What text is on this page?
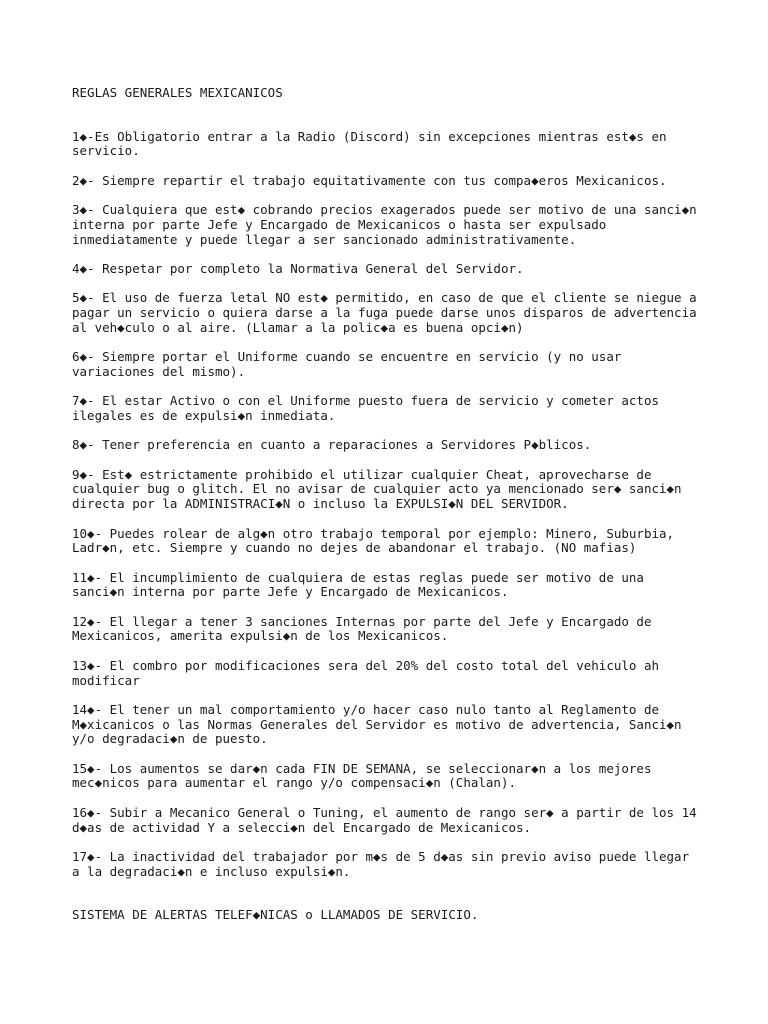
REGLAS GENERALES MEXICANICOS
1◆-Es Obligatorio entrar a la Radio (Discord) sin excepciones mientras est◆s en
servicio.
2◆- Siempre repartir el trabajo equitativamente con tus compa◆eros Mexicanicos.
3◆- Cualquiera que est◆ cobrando precios exagerados puede ser motivo de una sanci◆n
interna por parte Jefe y Encargado de Mexicanicos o hasta ser expulsado
inmediatamente y puede llegar a ser sancionado administrativamente.
4◆- Respetar por completo la Normativa General del Servidor.
5◆- El uso de fuerza letal NO est◆ permitido, en caso de que el cliente se niegue a
pagar un servicio o quiera darse a la fuga puede darse unos disparos de advertencia
al veh◆culo o al aire. (Llamar a la polic◆a es buena opci◆n)
6◆- Siempre portar el Uniforme cuando se encuentre en servicio (y no usar
variaciones del mismo).
7◆- El estar Activo o con el Uniforme puesto fuera de servicio y cometer actos
ilegales es de expulsi◆n inmediata.
8◆- Tener preferencia en cuanto a reparaciones a Servidores P◆blicos.
9◆- Est◆ estrictamente prohibido el utilizar cualquier Cheat, aprovecharse de
cualquier bug o glitch. El no avisar de cualquier acto ya mencionado ser◆ sanci◆n
directa por la ADMINISTRACI◆N o incluso la EXPULSI◆N DEL SERVIDOR.
10◆- Puedes rolear de alg◆n otro trabajo temporal por ejemplo: Minero, Suburbia,
Ladr◆n, etc. Siempre y cuando no dejes de abandonar el trabajo. (NO mafias)
11◆- El incumplimiento de cualquiera de estas reglas puede ser motivo de una
sanci◆n interna por parte Jefe y Encargado de Mexicanicos.
12◆- El llegar a tener 3 sanciones Internas por parte del Jefe y Encargado de
Mexicanicos, amerita expulsi◆n de los Mexicanicos.
13◆- El combro por modificaciones sera del 20% del costo total del vehiculo ah
modificar
14◆- El tener un mal comportamiento y/o hacer caso nulo tanto al Reglamento de
M◆xicanicos o las Normas Generales del Servidor es motivo de advertencia, Sanci◆n
y/o degradaci◆n de puesto.
15◆- Los aumentos se dar◆n cada FIN DE SEMANA, se seleccionar◆n a los mejores
mec◆nicos para aumentar el rango y/o compensaci◆n (Chalan).
16◆- Subir a Mecanico General o Tuning, el aumento de rango ser◆ a partir de los 14
d◆as de actividad Y a selecci◆n del Encargado de Mexicanicos.
17◆- La inactividad del trabajador por m◆s de 5 d◆as sin previo aviso puede llegar
a la degradaci◆n e incluso expulsi◆n.
SISTEMA DE ALERTAS TELEF◆NICAS o LLAMADOS DE SERVICIO.
